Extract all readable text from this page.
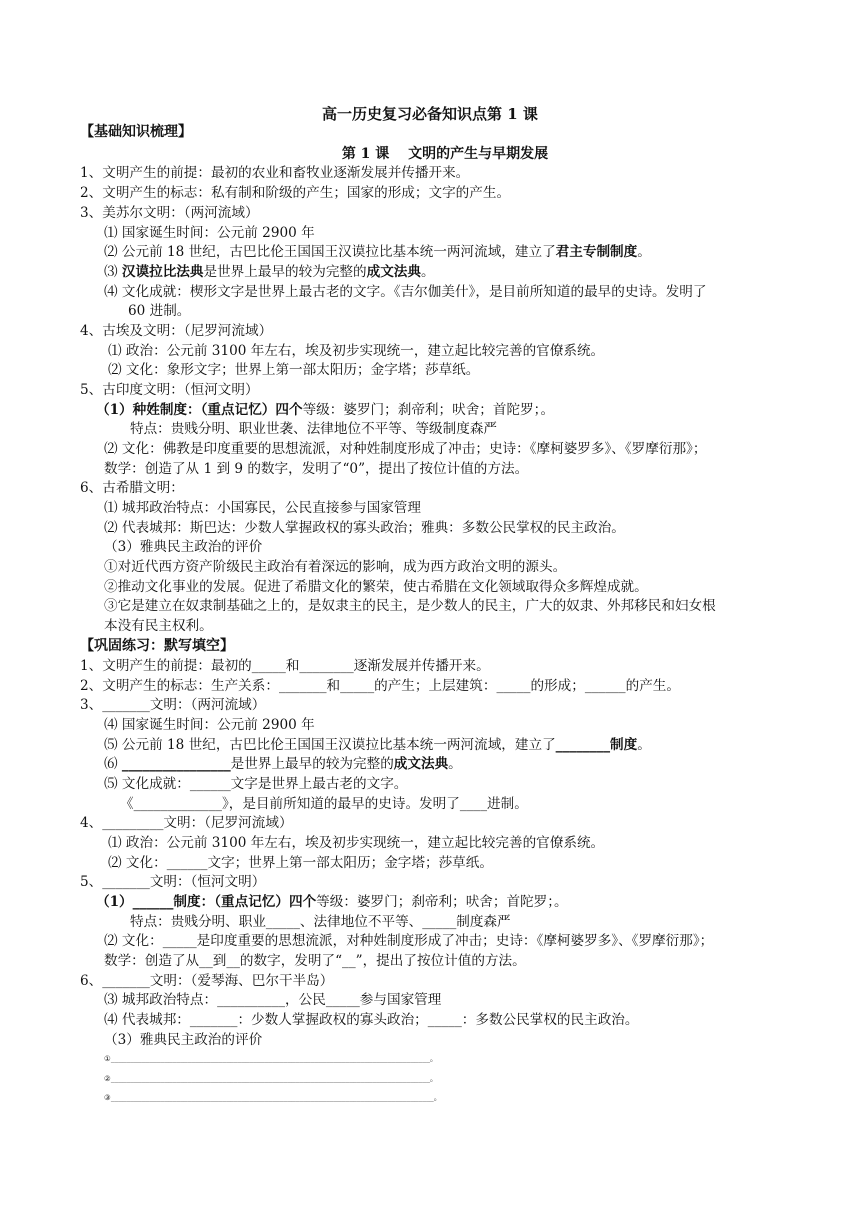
高一历史复习必备知识点第 1 课
【基础知识梳理】
第 1 课　 文明的产生与早期发展
1、文明产生的前提：最初的农业和畜牧业逐渐发展并传播开来。
2、文明产生的标志：私有制和阶级的产生；国家的形成；文字的产生。
3、美苏尔文明：（两河流域）
⑴ 国家诞生时间：公元前 2900 年
⑵ 公元前 18 世纪，古巴比伦王国国王汉谟拉比基本统一两河流域，建立了君主专制制度。
⑶ 汉谟拉比法典是世界上最早的较为完整的成文法典。
⑷ 文化成就：楔形文字是世界上最古老的文字。《吉尔伽美什》，是目前所知道的最早的史诗。发明了
60 进制。
4、古埃及文明：（尼罗河流域）
⑴ 政治：公元前 3100 年左右，埃及初步实现统一，建立起比较完善的官僚系统。
⑵ 文化：象形文字；世界上第一部太阳历；金字塔；莎草纸。
5、古印度文明：（恒河文明）
（1）种姓制度：（重点记忆）四个等级：婆罗门；刹帝利；吠舍；首陀罗；。
特点：贵贱分明、职业世袭、法律地位不平等、等级制度森严
⑵ 文化：佛教是印度重要的思想流派，对种姓制度形成了冲击；史诗：《摩柯婆罗多》、《罗摩衍那》；
数学：创造了从 1 到 9 的数字，发明了“0”，提出了按位计值的方法。
6、古希腊文明：
⑴ 城邦政治特点：小国寡民，公民直接参与国家管理
⑵ 代表城邦：斯巴达：少数人掌握政权的寡头政治；雅典：多数公民掌权的民主政治。
（3）雅典民主政治的评价
①对近代西方资产阶级民主政治有着深远的影响，成为西方政治文明的源头。
②推动文化事业的发展。促进了希腊文化的繁荣，使古希腊在文化领域取得众多辉煌成就。
③它是建立在奴隶制基础之上的，是奴隶主的民主，是少数人的民主，广大的奴隶、外邦移民和妇女根
本没有民主权利。
【巩固练习：默写填空】
1、文明产生的前提：最初的_____和________逐渐发展并传播开来。
2、文明产生的标志：生产关系：_______和_____的产生；上层建筑：_____的形成；______的产生。
3、_______文明：（两河流域）
⑷ 国家诞生时间：公元前 2900 年
⑸ 公元前 18 世纪，古巴比伦王国国王汉谟拉比基本统一两河流域，建立了________制度。
⑹ ________________是世界上最早的较为完整的成文法典。
⑸ 文化成就：______文字是世界上最古老的文字。
《_____________》，是目前所知道的最早的史诗。发明了____进制。
4、_________文明：（尼罗河流域）
⑴ 政治：公元前 3100 年左右，埃及初步实现统一，建立起比较完善的官僚系统。
⑵ 文化：______文字；世界上第一部太阳历；金字塔；莎草纸。
5、_______文明：（恒河文明）
（1）______制度：（重点记忆）四个等级：婆罗门；刹帝利；吠舍；首陀罗；。
特点：贵贱分明、职业_____、法律地位不平等、_____制度森严
⑵ 文化：_____是印度重要的思想流派，对种姓制度形成了冲击；史诗：《摩柯婆罗多》、《罗摩衍那》；
数学：创造了从__到__的数字，发明了“__”，提出了按位计值的方法。
6、_______文明：（爱琴海、巴尔干半岛）
⑶ 城邦政治特点：__________，公民_____参与国家管理
⑷ 代表城邦：_______：少数人掌握政权的寡头政治；_____：多数公民掌权的民主政治。
（3）雅典民主政治的评价
①___________________________________________________________________________________。
②___________________________________________________________________________________。
③____________________________________________________________________________________。
